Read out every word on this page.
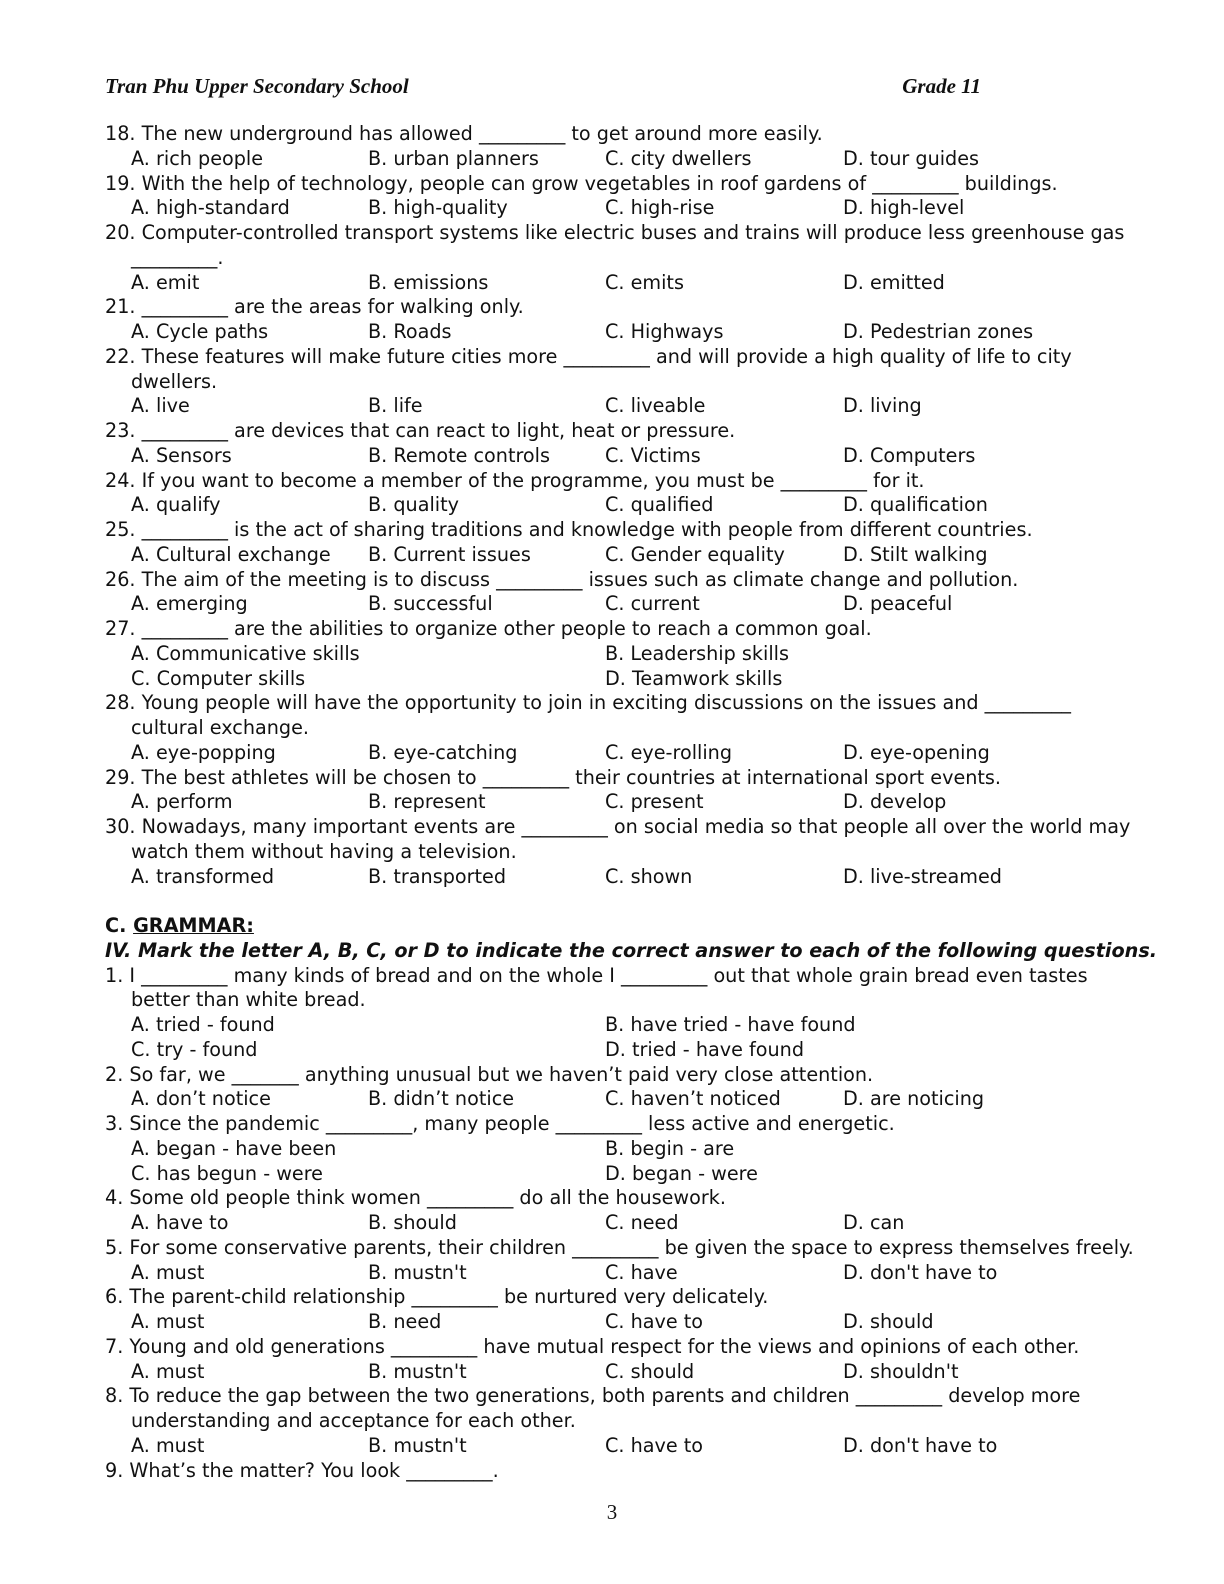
Tran Phu Upper Secondary School	Grade 11
18. The new underground has allowed _________ to get around more easily.
A. rich people	B. urban planners	C. city dwellers	D. tour guides
19. With the help of technology, people can grow vegetables in roof gardens of _________ buildings.
A. high-standard	B. high-quality	C. high-rise	D. high-level
20. Computer-controlled transport systems like electric buses and trains will produce less greenhouse gas
_________.
A. emit	B. emissions	C. emits	D. emitted
21. _________ are the areas for walking only.
A. Cycle paths	B. Roads	C. Highways	D. Pedestrian zones
22. These features will make future cities more _________ and will provide a high quality of life to city
dwellers.
A. live	B. life	C. liveable	D. living
23. _________ are devices that can react to light, heat or pressure.
A. Sensors	B. Remote controls	C. Victims	D. Computers
24. If you want to become a member of the programme, you must be _________ for it.
A. qualify	B. quality	C. qualified	D. qualification
25. _________ is the act of sharing traditions and knowledge with people from different countries.
A. Cultural exchange B. Current issues	C. Gender equality	D. Stilt walking
26. The aim of the meeting is to discuss _________ issues such as climate change and pollution.
A. emerging	B. successful	C. current	D. peaceful
27. _________ are the abilities to organize other people to reach a common goal.
A. Communicative skills	B. Leadership skills
C. Computer skills	D. Teamwork skills
28. Young people will have the opportunity to join in exciting discussions on the issues and _________
cultural exchange.
A. eye-popping	B. eye-catching	C. eye-rolling	D. eye-opening
29. The best athletes will be chosen to _________ their countries at international sport events.
A. perform	B. represent	C. present	D. develop
30. Nowadays, many important events are _________ on social media so that people all over the world may
watch them without having a television.
A. transformed	B. transported	C. shown	D. live-streamed
C. GRAMMAR:
IV. Mark the letter A, B, C, or D to indicate the correct answer to each of the following questions.
1. I _________ many kinds of bread and on the whole I _________ out that whole grain bread even tastes
better than white bread.
A. tried - found	B. have tried - have found
C. try - found	D. tried - have found
2. So far, we _______ anything unusual but we haven’t paid very close attention.
A. don’t notice	B. didn’t notice	C. haven’t noticed	D. are noticing
3. Since the pandemic _________, many people _________ less active and energetic.
A. began - have been	B. begin - are
C. has begun - were	D. began - were
4. Some old people think women _________ do all the housework.
A. have to	B. should	C. need	D. can
5. For some conservative parents, their children _________ be given the space to express themselves freely.
A. must	B. mustn't	C. have	D. don't have to
6. The parent-child relationship _________ be nurtured very delicately.
A. must	B. need	C. have to	D. should
7. Young and old generations _________ have mutual respect for the views and opinions of each other.
A. must	B. mustn't	C. should	D. shouldn't
8. To reduce the gap between the two generations, both parents and children _________ develop more
understanding and acceptance for each other.
A. must	B. mustn't	C. have to	D. don't have to
9. What’s the matter? You look _________.
3
